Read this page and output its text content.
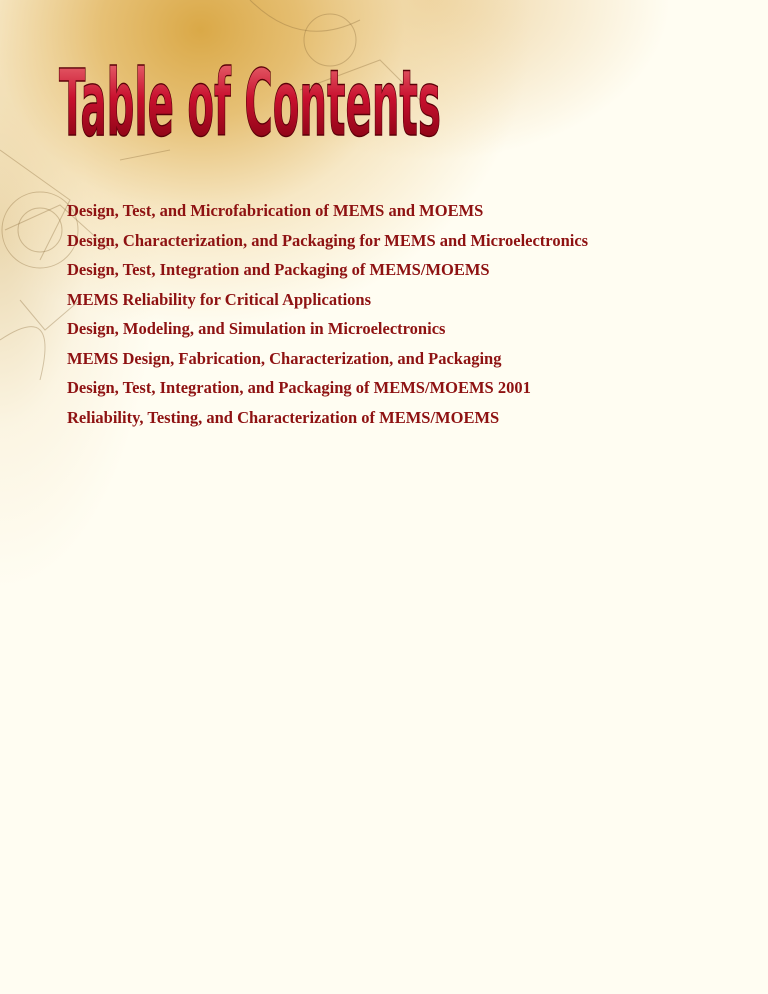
Table of Contents
Design, Test, and Microfabrication of MEMS and MOEMS
Design, Characterization, and Packaging for MEMS and Microelectronics
Design, Test, Integration and Packaging of MEMS/MOEMS
MEMS Reliability for Critical Applications
Design, Modeling, and Simulation in Microelectronics
MEMS Design, Fabrication, Characterization, and Packaging
Design, Test, Integration, and Packaging of MEMS/MOEMS 2001
Reliability, Testing, and Characterization of MEMS/MOEMS
